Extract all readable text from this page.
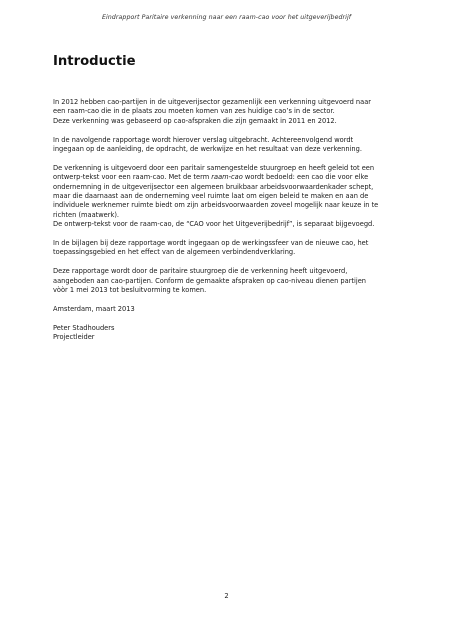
Eindrapport Paritaire verkenning naar een raam-cao voor het uitgeverijbedrijf
Introductie

In 2012 hebben cao-partijen in de uitgeverijsector gezamenlijk een verkenning uitgevoerd naar
een raam-cao die in de plaats zou moeten komen van zes huidige cao’s in de sector.
Deze verkenning was gebaseerd op cao-afspraken die zijn gemaakt in 2011 en 2012.

In de navolgende rapportage wordt hierover verslag uitgebracht. Achtereenvolgend wordt
ingegaan op de aanleiding, de opdracht, de werkwijze en het resultaat van deze verkenning.

De verkenning is uitgevoerd door een paritair samengestelde stuurgroep en heeft geleid tot een
ontwerp-tekst voor een raam-cao. Met de term raam-cao wordt bedoeld: een cao die voor elke
ondernemning in de uitgeverijsector een algemeen bruikbaar arbeidsvoorwaardenkader schept,
maar die daarnaast aan de onderneming veel ruimte laat om eigen beleid te maken en aan de
individuele werknemer ruimte biedt om zijn arbeidsvoorwaarden zoveel mogelijk naar keuze in te
richten (maatwerk).
De ontwerp-tekst voor de raam-cao, de “CAO voor het Uitgeverijbedrijf”, is separaat bijgevoegd.

In de bijlagen bij deze rapportage wordt ingegaan op de werkingssfeer van de nieuwe cao, het
toepassingsgebied en het effect van de algemeen verbindendverklaring.

Deze rapportage wordt door de paritaire stuurgroep die de verkenning heeft uitgevoerd,
aangeboden aan cao-partijen. Conform de gemaakte afspraken op cao-niveau dienen partijen
vòòr 1 mei 2013 tot besluitvorming te komen.

Amsterdam, maart 2013

Peter Stadhouders
Projectleider

2
